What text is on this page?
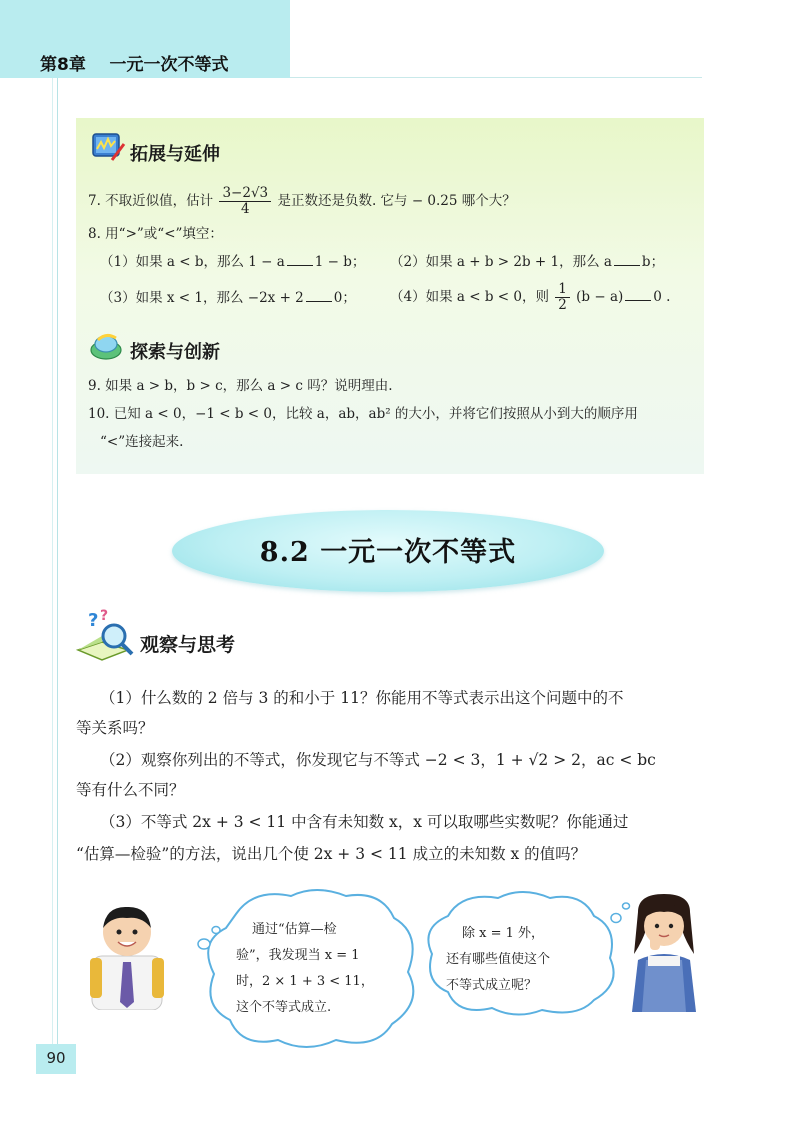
第8章 一元一次不等式
拓展与延伸
7. 不取近似值，估计 $\frac{3-2√3}{4}$ 是正数还是负数. 它与 − 0.25 哪个大？
8. 用“>”或“<”填空：
（1）如果 a < b，那么 1 − a 1 − b； （2）如果 a + b > 2b + 1，那么 a b；
（3）如果 x < 1，那么 −2x + 2 0；	（4）如果 a < b < 0，则 $\frac{1}{2} (b - a)$ 0 .
探索与创新
9. 如果 a > b，b > c，那么 a > c 吗？说明理由.
10. 已知 a < 0，−1 < b < 0，比较 a，ab，ab² 的大小，并将它们按照从小到大的顺序用
“<”连接起来.
8.2 一元一次不等式
? ?
观察与思考
（1）什么数的 2 倍与 3 的和小于 11？你能用不等式表示出这个问题中的不
等关系吗？
（2）观察你列出的不等式，你发现它与不等式 −2 < 3，1 + √2 > 2，ac < bc
等有什么不同？
（3）不等式 2x + 3 < 11 中含有未知数 x，x 可以取哪些实数呢？你能通过
“估算—检验”的方法，说出几个使 2x + 3 < 11 成立的未知数 x 的值吗？
通过“估算—检
验”，我发现当 x = 1
时，2 × 1 + 3 < 11，
这个不等式成立.
除 x = 1 外，
还有哪些值使这个
不等式成立呢？
90
